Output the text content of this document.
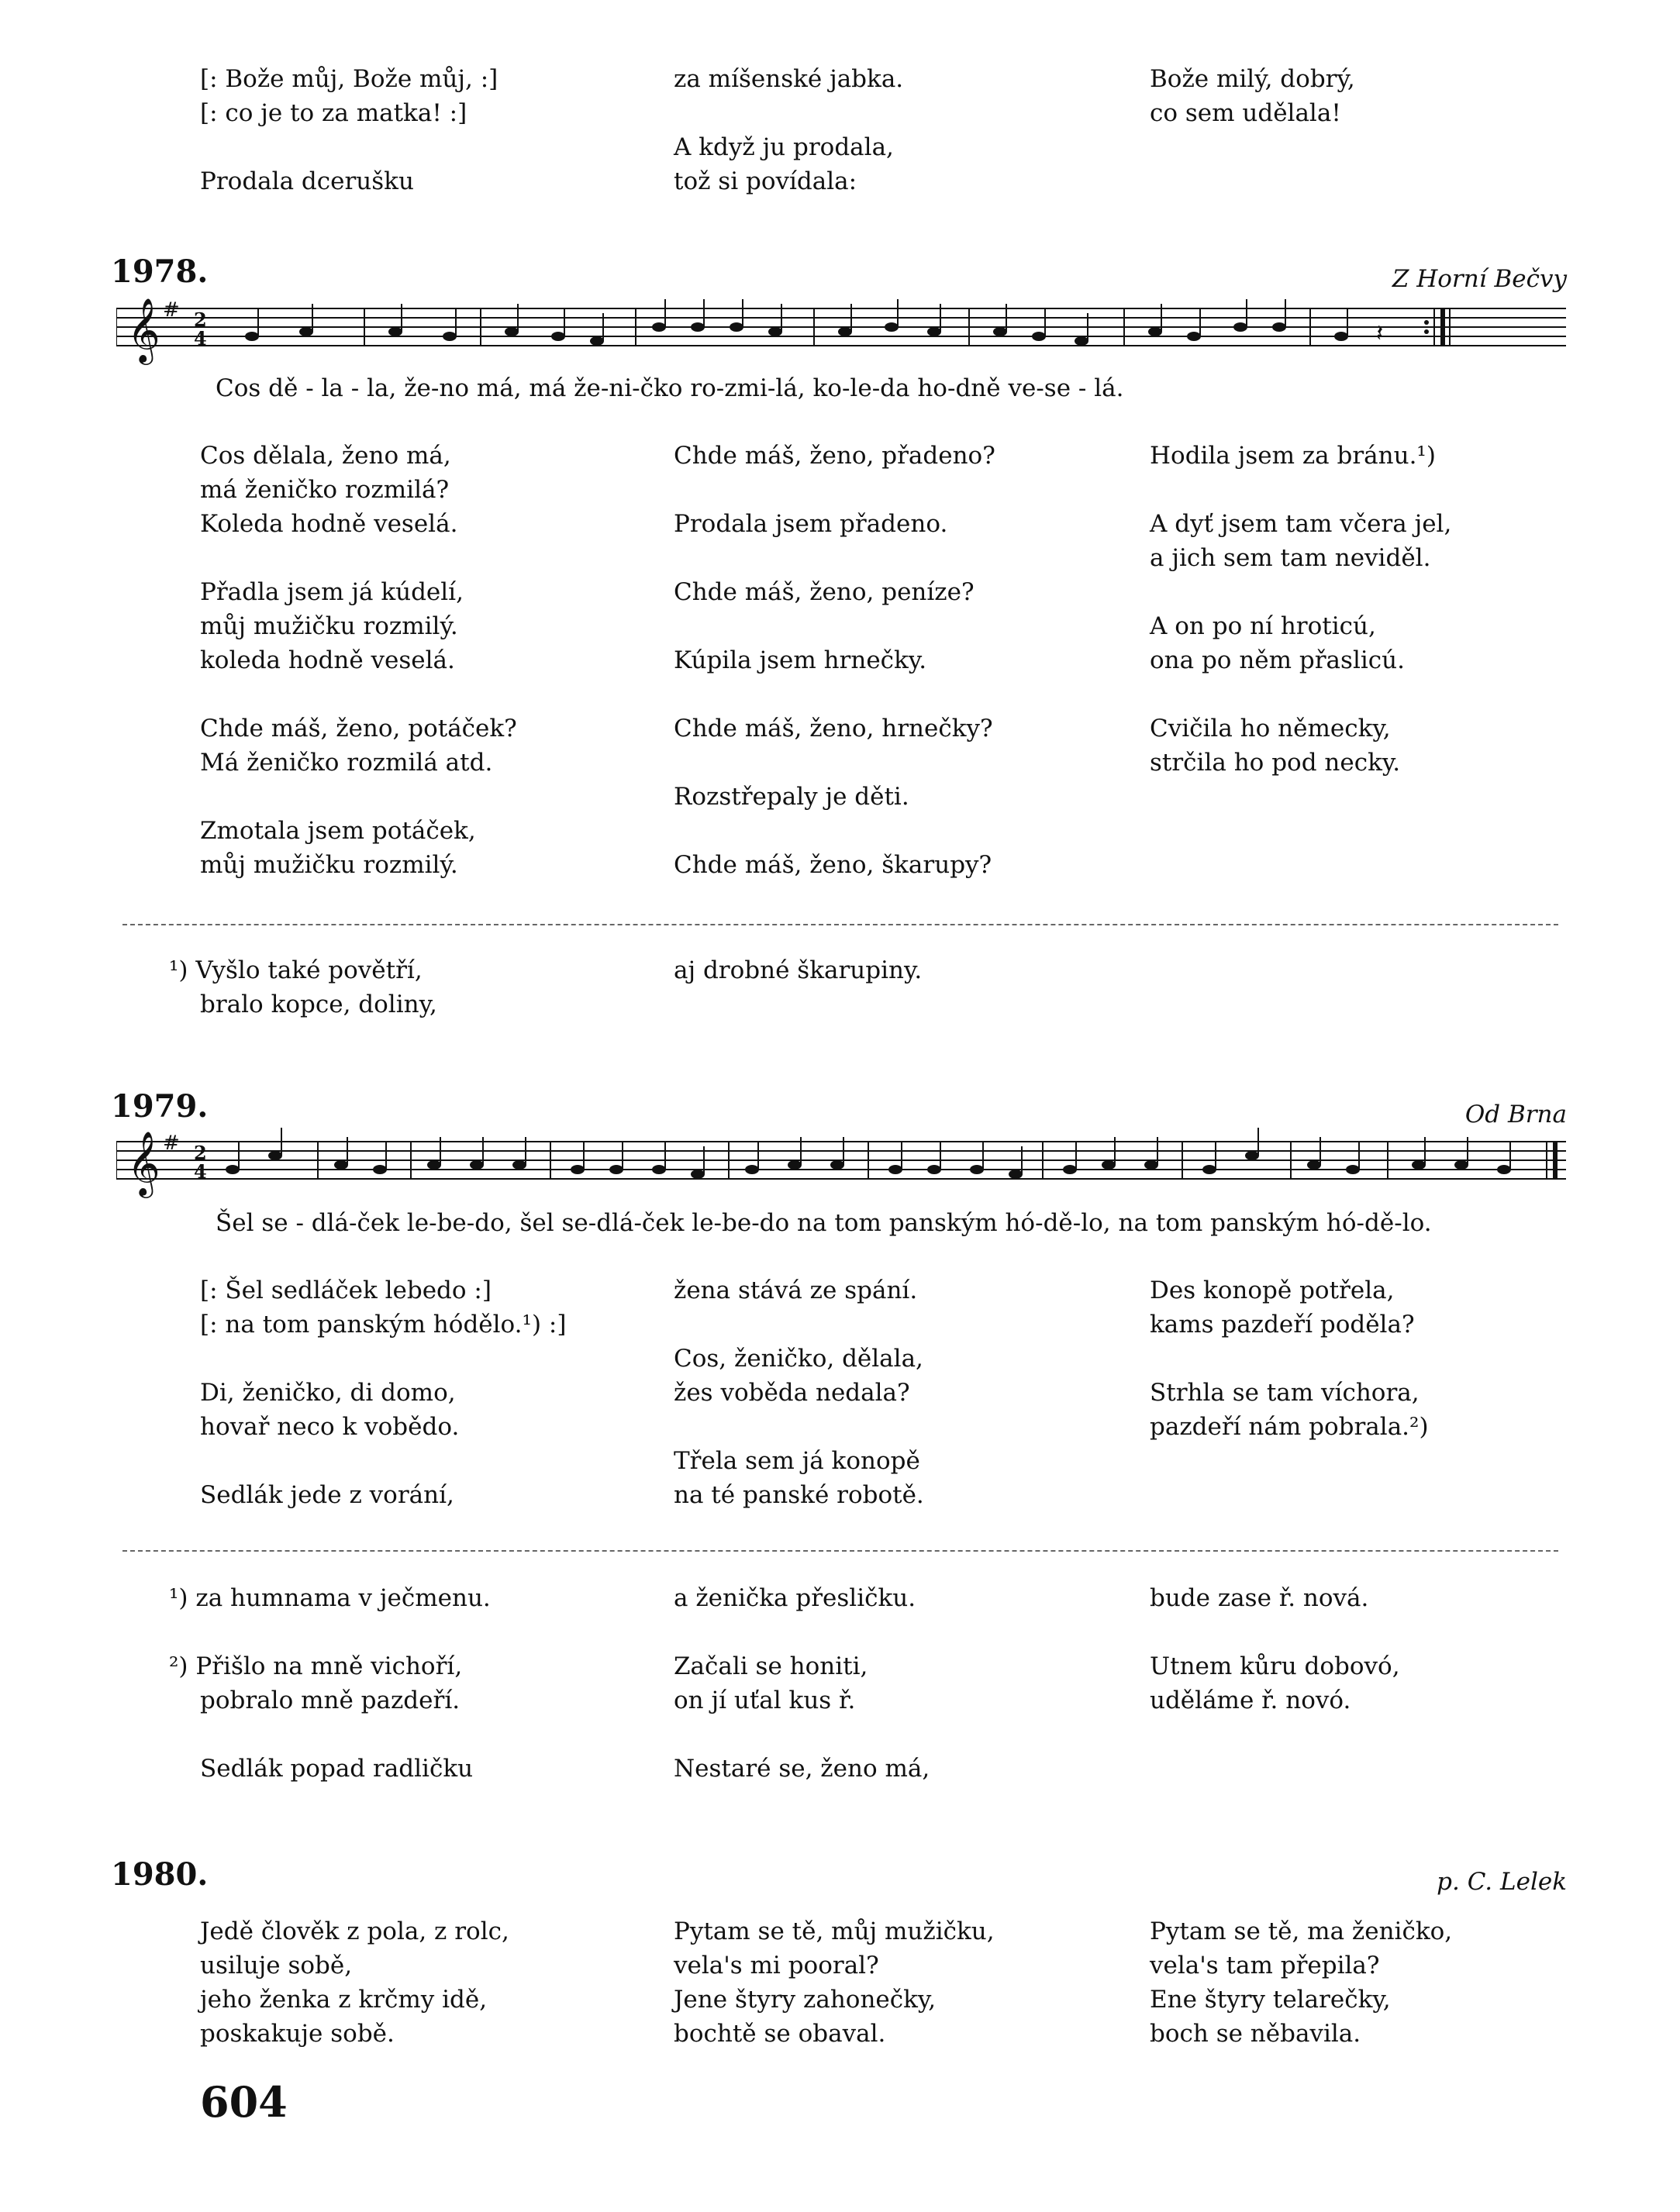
[: Bože můj, Bože můj, :]
[: co je to za matka! :]

Prodala dcerušku
za míšenské jabka.

A když ju prodala,
tož si povídala:
Bože milý, dobrý,
co sem udělala!
1978.	Z Horní Bečvy
𝄞 # 2
4	𝄽
Cos dě - la - la, že-no má, má že-ni-čko ro-zmi-lá, ko-le-da ho-dně ve-se - lá.
Cos dělala, ženo má,
má ženičko rozmilá?
Koleda hodně veselá.

Přadla jsem já kúdelí,
můj mužičku rozmilý.
koleda hodně veselá.

Chde máš, ženo, potáček?
Má ženičko rozmilá atd.

Zmotala jsem potáček,
můj mužičku rozmilý.
Chde máš, ženo, přadeno?

Prodala jsem přadeno.

Chde máš, ženo, peníze?

Kúpila jsem hrnečky.

Chde máš, ženo, hrnečky?

Rozstřepaly je děti.

Chde máš, ženo, škarupy?
Hodila jsem za bránu.¹)

A dyť jsem tam včera jel,
a jich sem tam neviděl.

A on po ní hroticú,
ona po něm přaslicú.

Cvičila ho německy,
strčila ho pod necky.
¹) Vyšlo také povětří,
bralo kopce, doliny,
aj drobné škarupiny.
1979.	Od Brna
𝄞 # 2
4
Šel se - dlá-ček le-be-do, šel se-dlá-ček le-be-do na tom panským hó-dě-lo, na tom panským hó-dě-lo.
[: Šel sedláček lebedo :]
[: na tom panským hódělo.¹) :]

Di, ženičko, di domo,
hovař neco k vobědo.

Sedlák jede z vorání,
žena stává ze spání.

Cos, ženičko, dělala,
žes voběda nedala?

Třela sem já konopě
na té panské robotě.
Des konopě potřela,
kams pazdeří poděla?

Strhla se tam víchora,
pazdeří nám pobrala.²)
¹) za humnama v ječmenu.

²) Přišlo na mně vichoří,
pobralo mně pazdeří.

Sedlák popad radličku
a ženička přesličku.

Začali se honiti,
on jí uťal kus ř.

Nestaré se, ženo má,
bude zase ř. nová.

Utnem kůru dobovó,
uděláme ř. novó.
1980.	p. C. Lelek
Jedě člověk z pola, z rolc,
usiluje sobě,
jeho ženka z krčmy idě,
poskakuje sobě.
Pytam se tě, můj mužičku,
vela's mi pooral?
Jene štyry zahonečky,
bochtě se obaval.
Pytam se tě, ma ženičko,
vela's tam přepila?
Ene štyry telarečky,
boch se něbavila.
604
